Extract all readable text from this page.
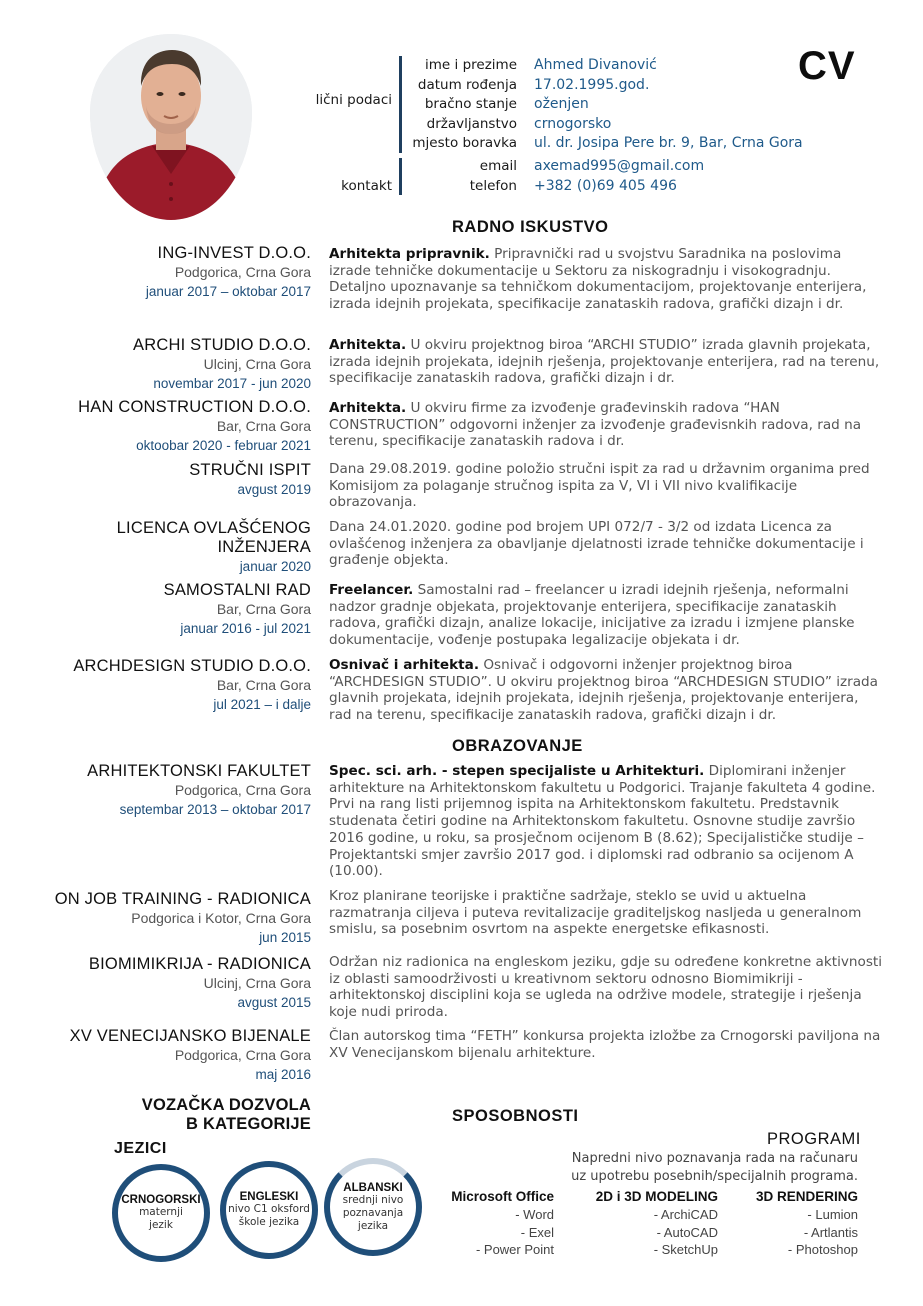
CV
lični podaci
ime i prezime
datum rođenja
bračno stanje
državljanstvo
mjesto boravka
Ahmed Divanović
17.02.1995.god.
oženjen
crnogorsko
ul. dr. Josipa Pere br. 9, Bar, Crna Gora
kontakt
email
telefon
axemad995@gmail.com
+382 (0)69 405 496
RADNO ISKUSTVO
ING-INVEST D.O.O.
Podgorica, Crna Gora
januar 2017 – oktobar 2017
Arhitekta pripravnik. Pripravnički rad u svojstvu Saradnika na poslovima izrade tehničke dokumentacije u Sektoru za niskogradnju i visokogradnju. Detaljno upoznavanje sa tehničkom dokumentacijom, projektovanje enterijera, izrada idejnih projekata, specifikacije zanataskih radova, grafički dizajn i dr.
ARCHI STUDIO D.O.O.
Ulcinj, Crna Gora
novembar 2017 - jun 2020
Arhitekta. U okviru projektnog biroa “ARCHI STUDIO” izrada glavnih projekata, izrada idejnih projekata, idejnih rješenja, projektovanje enterijera, rad na terenu, specifikacije zanataskih radova, grafički dizajn i dr.
HAN CONSTRUCTION D.O.O.
Bar, Crna Gora
oktoobar 2020 - februar 2021
Arhitekta. U okviru firme za izvođenje građevinskih radova “HAN CONSTRUCTION” odgovorni inženjer za izvođenje građevisnkih radova, rad na terenu, specifikacije zanataskih radova i dr.
STRUČNI ISPIT
avgust 2019
Dana 29.08.2019. godine položio stručni ispit za rad u državnim organima pred Komisijom za polaganje stručnog ispita za V, VI i VII nivo kvalifikacije obrazovanja.
LICENCA OVLAŠĆENOG INŽENJERA
januar 2020
Dana 24.01.2020. godine pod brojem UPI 072/7 - 3/2 od izdata Licenca za ovlašćenog inženjera za obavljanje djelatnosti izrade tehničke dokumentacije i građenje objekta.
SAMOSTALNI RAD
Bar, Crna Gora
januar 2016 - jul 2021
Freelancer. Samostalni rad – freelancer u izradi idejnih rješenja, neformalni nadzor gradnje objekata, projektovanje enterijera, specifikacije zanataskih radova, grafički dizajn, analize lokacije, inicijative za izradu i izmjene planske dokumentacije, vođenje postupaka legalizacije objekata i dr.
ARCHDESIGN STUDIO D.O.O.
Bar, Crna Gora
jul 2021 – i dalje
Osnivač i arhitekta. Osnivač i odgovorni inženjer projektnog biroa “ARCHDESIGN STUDIO”. U okviru projektnog biroa “ARCHDESIGN STUDIO” izrada glavnih projekata, idejnih projekata, idejnih rješenja, projektovanje enterijera, rad na terenu, specifikacije zanataskih radova, grafički dizajn i dr.
OBRAZOVANJE
ARHITEKTONSKI FAKULTET
Podgorica, Crna Gora
septembar 2013 – oktobar 2017
Spec. sci. arh. - stepen specijaliste u Arhitekturi. Diplomirani inženjer arhitekture na Arhitektonskom fakultetu u Podgorici. Trajanje fakulteta 4 godine. Prvi na rang listi prijemnog ispita na Arhitektonskom fakultetu. Predstavnik studenata četiri godine na Arhitektonskom fakultetu. Osnovne studije završio 2016 godine, u roku, sa prosječnom ocijenom B (8.62); Specijalističke studije – Projektantski smjer završio 2017 god. i diplomski rad odbranio sa ocijenom A (10.00).
ON JOB TRAINING - RADIONICA
Podgorica i Kotor, Crna Gora
jun 2015
Kroz planirane teorijske i praktične sadržaje, steklo se uvid u aktuelna razmatranja ciljeva i puteva revitalizacije graditeljskog nasljeda u generalnom smislu, sa posebnim osvrtom na aspekte energetske efikasnosti.
BIOMIMIKRIJA - RADIONICA
Ulcinj, Crna Gora
avgust 2015
Održan niz radionica na engleskom jeziku, gdje su određene konkretne aktivnosti iz oblasti samoodrživosti u kreativnom sektoru odnosno Biomimikriji - arhitektonskoj disciplini koja se ugleda na održive modele, strategije i rješenja koje nudi priroda.
XV VENECIJANSKO BIJENALE
Podgorica, Crna Gora
maj 2016
Član autorskog tima “FETH” konkursa projekta izložbe za Crnogorski paviljona na XV Venecijanskom bijenalu arhitekture.
VOZAČKA DOZVOLA
B KATEGORIJE
JEZICI
CRNOGORSKI
maternji
jezik
ENGLESKI
nivo C1 oksford
škole jezika
ALBANSKI
srednji nivo
poznavanja
jezika
SPOSOBNOSTI
PROGRAMI
Napredni nivo poznavanja rada na računaru
uz upotrebu posebnih/specijalnih programa.
Microsoft Office
- Word
- Exel
- Power Point
2D i 3D MODELING
- ArchiCAD
- AutoCAD
- SketchUp
3D RENDERING
- Lumion
- Artlantis
- Photoshop
